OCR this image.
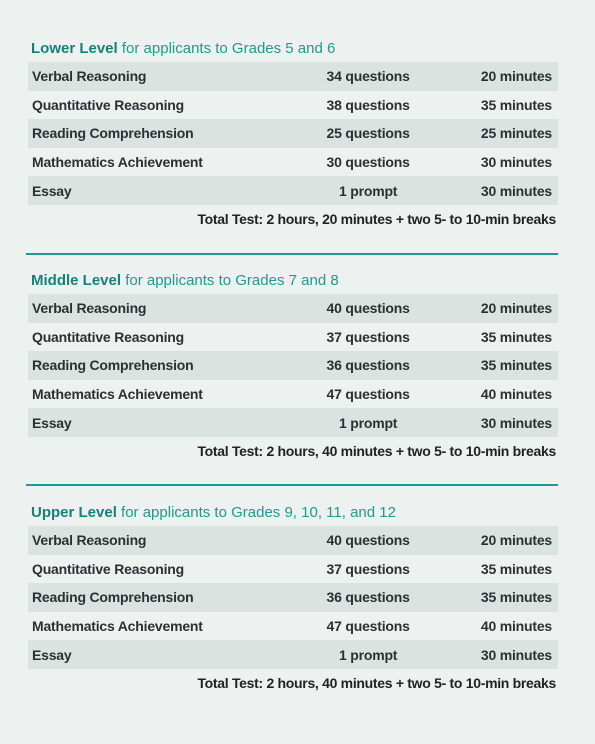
Lower Level for applicants to Grades 5 and 6
Verbal Reasoning	34 questions	20 minutes
Quantitative Reasoning	38 questions	35 minutes
Reading Comprehension	25 questions	25 minutes
Mathematics Achievement	30 questions	30 minutes
Essay	1 prompt	30 minutes
Total Test: 2 hours, 20 minutes + two 5- to 10-min breaks
Middle Level for applicants to Grades 7 and 8
Verbal Reasoning	40 questions	20 minutes
Quantitative Reasoning	37 questions	35 minutes
Reading Comprehension	36 questions	35 minutes
Mathematics Achievement	47 questions	40 minutes
Essay	1 prompt	30 minutes
Total Test: 2 hours, 40 minutes + two 5- to 10-min breaks
Upper Level for applicants to Grades 9, 10, 11, and 12
Verbal Reasoning	40 questions	20 minutes
Quantitative Reasoning	37 questions	35 minutes
Reading Comprehension	36 questions	35 minutes
Mathematics Achievement	47 questions	40 minutes
Essay	1 prompt	30 minutes
Total Test: 2 hours, 40 minutes + two 5- to 10-min breaks
